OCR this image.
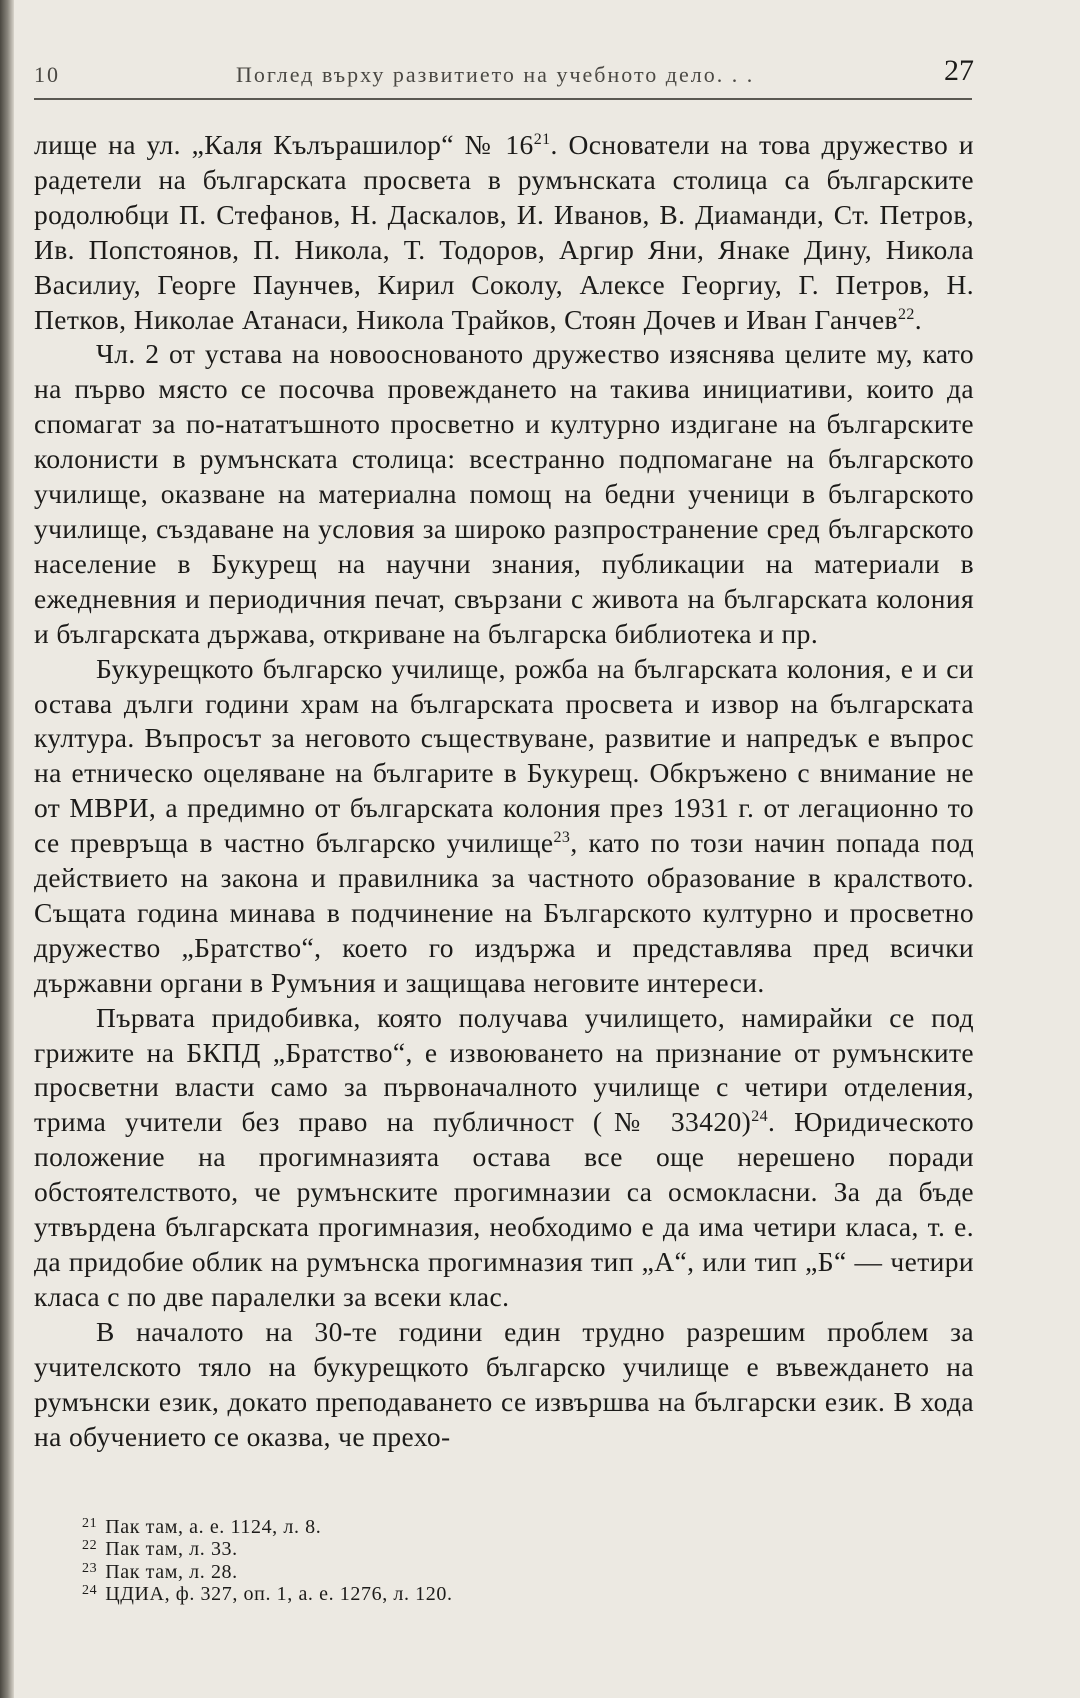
10	Поглед върху развитието на учебното дело. . .	27

лище на ул. „Каля Кълърашилор“ № $16^{21}$. Основатели на това дружество и радетели на българската просвета в румънската столица са българските родолюбци П. Стефанов, Н. Даскалов, И. Иванов, В. Диаманди, Ст. Петров, Ив. Попстоянов, П. Никола, Т. Тодоров, Аргир Яни, Янаке Дину, Никола Василиу, Георге Паунчев, Кирил Соколу, Алексе Георгиу, Г. Петров, Н. Петков, Николае Атанаси, Никола Трайков, Стоян Дочев и Иван Ганчев$^{22}$.

Чл. 2 от устава на новооснованото дружество изяснява целите му, като на първо място се посочва провеждането на такива инициативи, които да спомагат за по-нататъшното просветно и културно издигане на българските колонисти в румънската столица: всестранно подпомагане на българското училище, оказване на материална помощ на бедни ученици в българското училище, създаване на условия за широко разпространение сред българското население в Букурещ на научни знания, публикации на материали в ежедневния и периодичния печат, свързани с живота на българската колония и българската държава, откриване на българска библиотека и пр.

Букурещкото българско училище, рожба на българската колония, е и си остава дълги години храм на българската просвета и извор на българската култура. Въпросът за неговото съществуване, развитие и напредък е въпрос на етническо оцеляване на българите в Букурещ. Обкръжено с внимание не от МВРИ, а предимно от българската колония през 1931 г. от легационно то се превръща в частно българско училище$^{23}$, като по този начин попада под действието на закона и правилника за частното образование в кралството. Същата година минава в подчинение на Българското културно и просветно дружество „Братство“, което го издържа и представлява пред всички държавни органи в Румъния и защищава неговите интереси.

Първата придобивка, която получава училището, намирайки се под грижите на БКПД „Братство“, е извоюването на признание от румънските просветни власти само за първоначалното училище с четири отделения, трима учители без право на публичност (№ 33420)$^{24}$. Юридическото положение на прогимназията остава все още нерешено поради обстоятелството, че румънските прогимназии са осмокласни. За да бъде утвърдена българската прогимназия, необходимо е да има четири класа, т. е. да придобие облик на румънска прогимназия тип „А“, или тип „Б“ — четири класа с по две паралелки за всеки клас.

В началото на 30-те години един трудно разрешим проблем за учителското тяло на букурещкото българско училище е въвеждането на румънски език, докато преподаването се извършва на български език. В хода на обучението се оказва, че прехо-

$^{21}$ Пак там, а. е. 1124, л. 8.
$^{22}$ Пак там, л. 33.
$^{23}$ Пак там, л. 28.
$^{24}$ ЦДИА, ф. 327, оп. 1, а. е. 1276, л. 120.
